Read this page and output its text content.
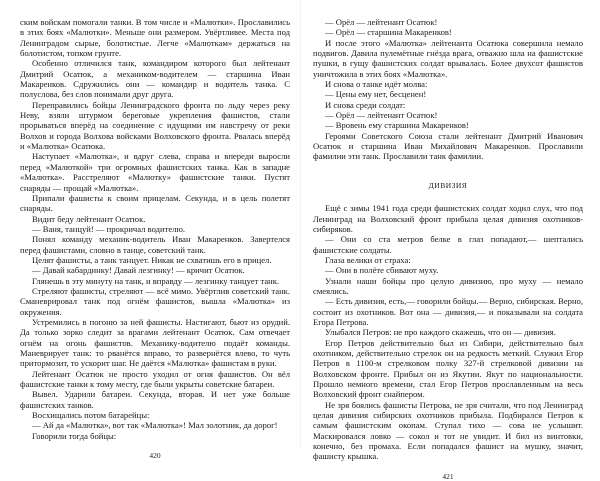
ским войскам помогали танки. В том числе и «Малютки». Прославились в этих боях «Малютки». Меньше они размером. Увёртливее. Места под Ленинградом сырые, болотистые. Легче «Малюткам» держаться на болотистом, топком грунте.

Особенно отличился танк, командиром которого был лейтенант Дмитрий Осатюк, а механиком-водителем — старшина Иван Макаренков. Сдружились они — командир и водитель танка. С полуслова, без слов понимали друг друга.

Переправились бойцы Ленинградского фронта по льду через реку Неву, взяли штурмом береговые укрепления фашистов, стали прорываться вперёд на соединение с идущими им навстречу от реки Волхов и города Волхова войсками Волховского фронта. Рвалась вперёд и «Малютка» Осатюка.

Наступает «Малютка», и вдруг слева, справа и впереди выросли перед «Малюткой» три огромных фашистских танка. Как в западне «Малютка». Расстреляют «Малютку» фашистские танки. Пустят снаряды — прощай «Малютка».

Припали фашисты к своим прицелам. Секунда, и в цель полетят снаряды.

Видит беду лейтенант Осатюк.

— Ваня, танцуй! — прокричал водителю.

Понял команду механик-водитель Иван Макаренков. Завертелся перед фашистами, словно в танце, советский танк.

Целят фашисты, а танк танцует. Никак не схватишь его в прицел.

— Давай кабардинку! Давай лезгинку! — кричит Осатюк.

Глянешь в эту минуту на танк, и вправду — лезгинку танцует танк.

Стреляют фашисты, стреляют — всё мимо. Увёртлив советский танк. Сманеврировал танк под огнём фашистов, вышла «Малютка» из окружения.

Устремились в погоню за ней фашисты. Настигают, бьют из орудий. Да только зорко следит за врагами лейтенант Осатюк. Сам отвечает огнём на огонь фашистов. Механику-водителю подаёт команды. Маневрирует танк: то рванётся вправо, то развернётся влево, то чуть притормозит, то ускорит шаг. Не даётся «Малютка» фашистам в руки.

Лейтенант Осатюк не просто уходил от огня фашистов. Он вёл фашистские танки к тому месту, где были укрыты советские батареи.

Вывел. Ударили батареи. Секунда, вторая. И нет уже больше фашистских танков.

Восхищались потом батарейцы:

— Ай да «Малютка», вот так «Малютка»! Мал золотник, да дорог!

Говорили тогда бойцы:

420

— Орёл — лейтенант Осатюк!

— Орёл — старшина Макаренков!

И после этого «Малютка» лейтенанта Осатюка совершила немало подвигов. Давила пулемётные гнёзда врага, отважно шла на фашистские пушки, в гущу фашистских солдат врывалась. Более двухсот фашистов уничтожила в этих боях «Малютка».

И снова о танке идёт молва:

— Цены ему нет, бесценен!

И снова среди солдат:

— Орёл — лейтенант Осатюк!

— Вровень ему старшина Макаренков!

Героями Советского Союза стали лейтенант Дмитрий Иванович Осатюк и старшина Иван Михайлович Макаренков. Прославили фамилии эти танк. Прославили танк фамилии.

ДИВИЗИЯ

Ещё с зимы 1941 года среди фашистских солдат ходил слух, что под Ленинград на Волховский фронт прибыла целая дивизия охотников-сибиряков.

— Они со ста метров белке в глаз попадают,— шептались фашистские солдаты.

Глаза велики от страха:

— Они в полёте сбивают муху.

Узнали наши бойцы про целую дивизию, про муху — немало смеялись.

— Есть дивизия, есть,— говорили бойцы.— Верно, сибирская. Верно, состоит из охотников. Вот она — дивизия,— и показывали на солдата Егора Петрова.

Улыбался Петров: не про каждого скажешь, что он — дивизия.

Егор Петров действительно был из Сибири, действительно был охотником, действительно стрелок он на редкость меткий. Служил Егор Петров в 1100-м стрелковом полку 327-й стрелковой дивизии на Волховском фронте. Прибыл он из Якутии. Якут по национальности. Прошло немного времени, стал Егор Петров прославленным на весь Волховский фронт снайпером.

Не зря боялись фашисты Петрова, не зря считали, что под Ленинград целая дивизия сибирских охотников прибыла. Подбирался Петров к самым фашистским окопам. Ступал тихо — сова не услышит. Маскировался ловко — сокол и тот не увидит. И бил из винтовки, конечно, без промаха. Если попадался фашист на мушку, значит, фашисту крышка.

421
